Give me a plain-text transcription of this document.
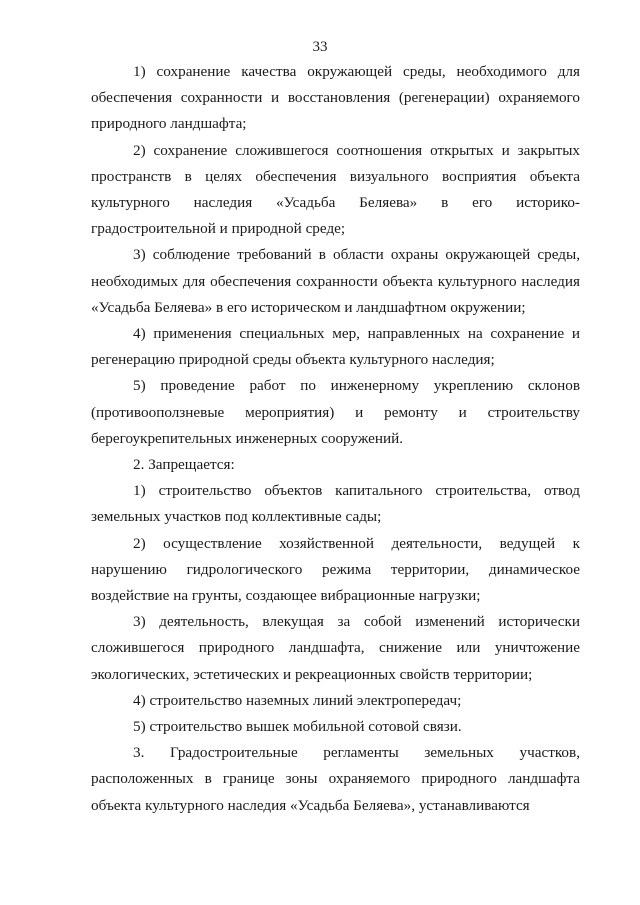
33

1) сохранение качества окружающей среды, необходимого для обеспечения сохранности и восстановления (регенерации) охраняемого природного ландшафта;

2) сохранение сложившегося соотношения открытых и закрытых пространств в целях обеспечения визуального восприятия объекта культурного наследия «Усадьба Беляева» в его историко-градостроительной и природной среде;

3) соблюдение требований в области охраны окружающей среды, необходимых для обеспечения сохранности объекта культурного наследия «Усадьба Беляева» в его историческом и ландшафтном окружении;

4) применения специальных мер, направленных на сохранение и регенерацию природной среды объекта культурного наследия;

5) проведение работ по инженерному укреплению склонов (противооползневые мероприятия) и ремонту и строительству берегоукрепительных инженерных сооружений.

2. Запрещается:

1) строительство объектов капитального строительства, отвод земельных участков под коллективные сады;

2) осуществление хозяйственной деятельности, ведущей к нарушению гидрологического режима территории, динамическое воздействие на грунты, создающее вибрационные нагрузки;

3) деятельность, влекущая за собой изменений исторически сложившегося природного ландшафта, снижение или уничтожение экологических, эстетических и рекреационных свойств территории;

4) строительство наземных линий электропередач;

5) строительство вышек мобильной сотовой связи.

3. Градостроительные регламенты земельных участков, расположенных в границе зоны охраняемого природного ландшафта объекта культурного наследия «Усадьба Беляева», устанавливаются
